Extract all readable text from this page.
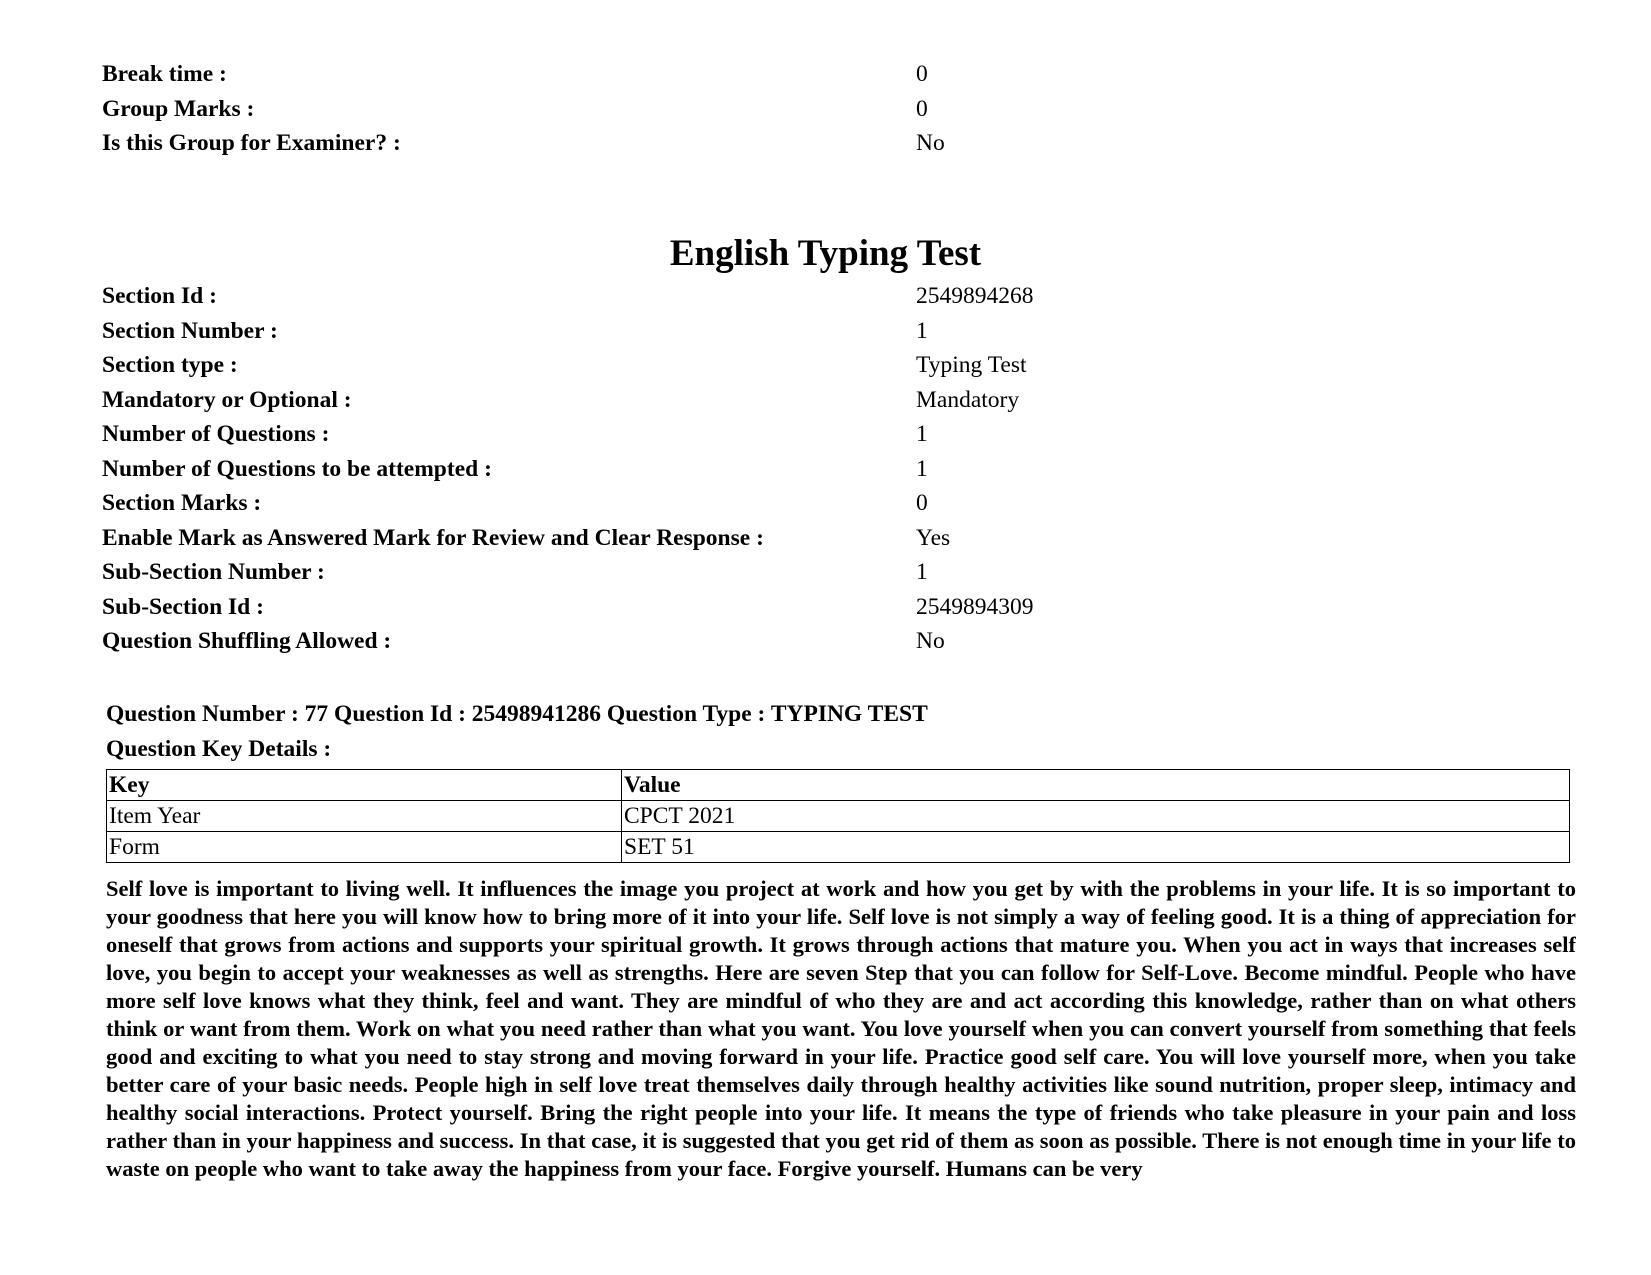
Break time :	0
Group Marks :	0
Is this Group for Examiner? :	No
English Typing Test
Section Id :	2549894268
Section Number :	1
Section type :	Typing Test
Mandatory or Optional :	Mandatory
Number of Questions :	1
Number of Questions to be attempted :	1
Section Marks :	0
Enable Mark as Answered Mark for Review and Clear Response :	Yes
Sub-Section Number :	1
Sub-Section Id :	2549894309
Question Shuffling Allowed :	No
Question Number : 77 Question Id : 25498941286 Question Type : TYPING TEST
Question Key Details :
Key	Value
Item Year	CPCT 2021
Form	SET 51

Self love is important to living well. It influences the image you project at work and how you get by with the problems in your life. It is so important to your goodness that here you will know how to bring more of it into your life. Self love is not simply a way of feeling good. It is a thing of appreciation for oneself that grows from actions and supports your spiritual growth. It grows through actions that mature you. When you act in ways that increases self love, you begin to accept your weaknesses as well as strengths. Here are seven Step that you can follow for Self-Love. Become mindful. People who have more self love knows what they think, feel and want. They are mindful of who they are and act according this knowledge, rather than on what others think or want from them. Work on what you need rather than what you want. You love yourself when you can convert yourself from something that feels good and exciting to what you need to stay strong and moving forward in your life. Practice good self care. You will love yourself more, when you take better care of your basic needs. People high in self love treat themselves daily through healthy activities like sound nutrition, proper sleep, intimacy and healthy social interactions. Protect yourself. Bring the right people into your life. It means the type of friends who take pleasure in your pain and loss rather than in your happiness and success. In that case, it is suggested that you get rid of them as soon as possible. There is not enough time in your life to waste on people who want to take away the happiness from your face. Forgive yourself. Humans can be very
